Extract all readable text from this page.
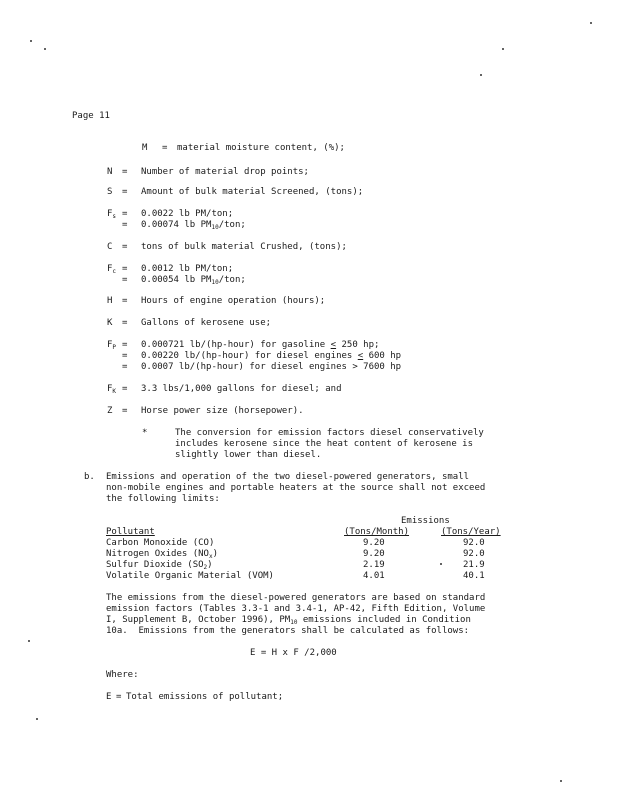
Page 11
M = material moisture content, (%);
N = Number of material drop points;
S = Amount of bulk material Screened, (tons);
$F_s = 0.0022$ lb PM/ton;
= 0.00074 lb $PM_{10}$/ton;
C = tons of bulk material Crushed, (tons);
$F_c = 0.0012$ lb PM/ton;
= 0.00054 lb $PM_{10}$/ton;
H = Hours of engine operation (hours);
K = Gallons of kerosene use;
$F_P = 0.000721$ lb/(hp-hour) for gasoline < 250 hp;
= 0.00220 lb/(hp-hour) for diesel engines < 600 hp
= 0.0007 lb/(hp-hour) for diesel engines > 7600 hp
$F_K = 3.3$ lbs/1,000 gallons for diesel; and
Z = Horse power size (horsepower).
*	The conversion for emission factors diesel conservatively
includes kerosene since the heat content of kerosene is
slightly lower than diesel.
b. Emissions and operation of the two diesel-powered generators, small
non-mobile engines and portable heaters at the source shall not exceed
the following limits:
Emissions
Pollutant	(Tons/Month)	(Tons/Year)
Carbon Monoxide (CO)	9.20	92.0
Nitrogen Oxides $(NO_x)$	9.20	92.0
Sulfur Dioxide $(SO_2)$	2.19	21.9
Volatile Organic Material (VOM)	4.01	40.1
The emissions from the diesel-powered generators are based on standard
emission factors (Tables 3.3-1 and 3.4-1, AP-42, Fifth Edition, Volume
I, Supplement B, October 1996), $PM_{10}$ emissions included in Condition
10a.  Emissions from the generators shall be calculated as follows:
E = H x F /2,000
Where:
E = Total emissions of pollutant;
